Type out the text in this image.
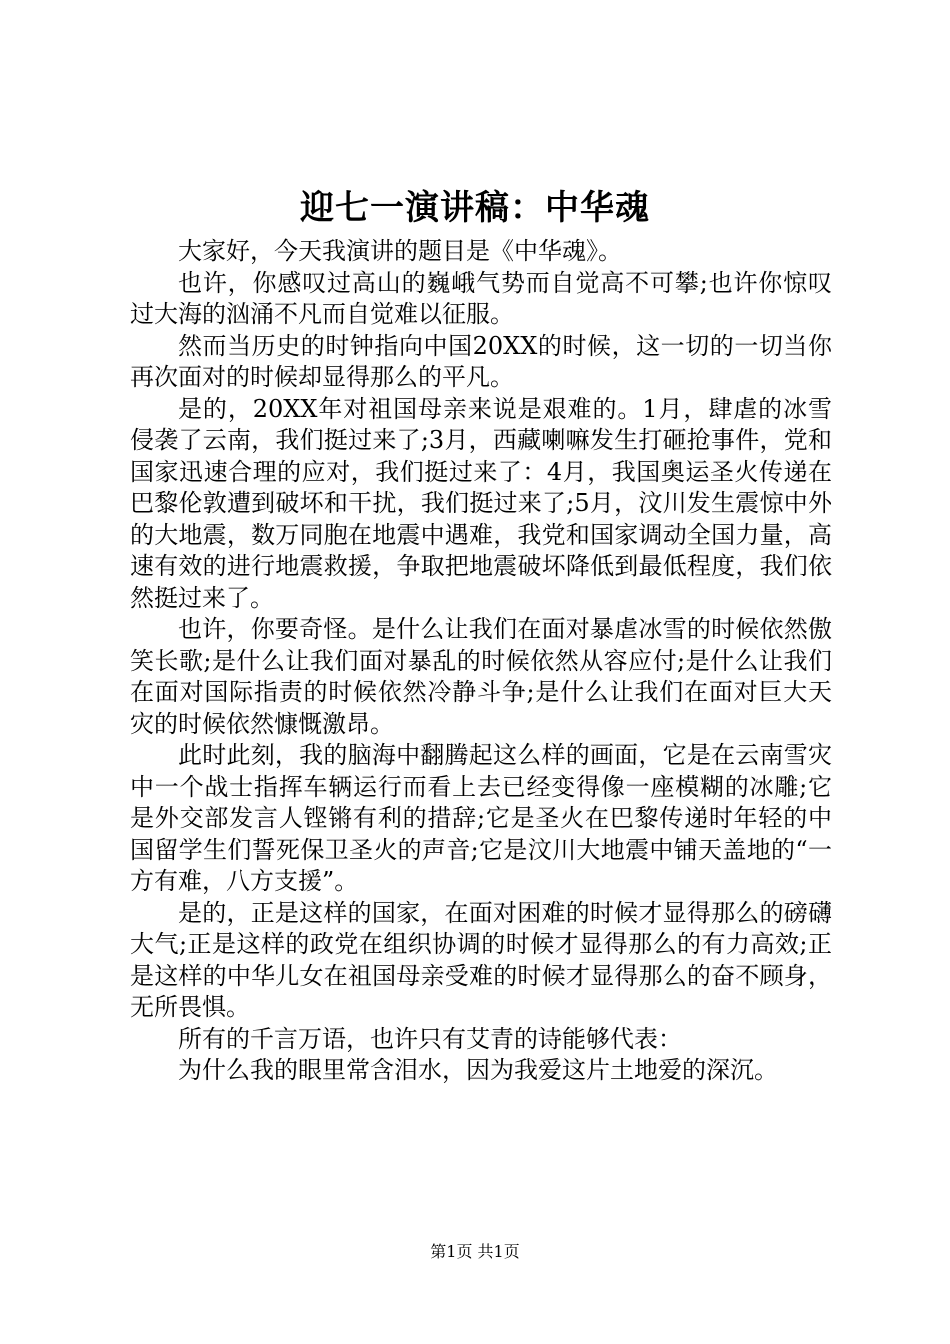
迎七一演讲稿：中华魂

大家好，今天我演讲的题目是《中华魂》。

也许，你感叹过高山的巍峨气势而自觉高不可攀;也许你惊叹过大海的汹涌不凡而自觉难以征服。

然而当历史的时钟指向中国20XX的时候，这一切的一切当你再次面对的时候却显得那么的平凡。

是的，20XX年对祖国母亲来说是艰难的。1月，肆虐的冰雪侵袭了云南，我们挺过来了;3月，西藏喇嘛发生打砸抢事件，党和国家迅速合理的应对，我们挺过来了：4月，我国奥运圣火传递在巴黎伦敦遭到破坏和干扰，我们挺过来了;5月，汶川发生震惊中外的大地震，数万同胞在地震中遇难，我党和国家调动全国力量，高速有效的进行地震救援，争取把地震破坏降低到最低程度，我们依然挺过来了。

也许，你要奇怪。是什么让我们在面对暴虐冰雪的时候依然傲笑长歌;是什么让我们面对暴乱的时候依然从容应付;是什么让我们在面对国际指责的时候依然冷静斗争;是什么让我们在面对巨大天灾的时候依然慷慨激昂。

此时此刻，我的脑海中翻腾起这么样的画面，它是在云南雪灾中一个战士指挥车辆运行而看上去已经变得像一座模糊的冰雕;它是外交部发言人铿锵有利的措辞;它是圣火在巴黎传递时年轻的中国留学生们誓死保卫圣火的声音;它是汶川大地震中铺天盖地的“一方有难，八方支援”。

是的，正是这样的国家，在面对困难的时候才显得那么的磅礴大气;正是这样的政党在组织协调的时候才显得那么的有力高效;正是这样的中华儿女在祖国母亲受难的时候才显得那么的奋不顾身，无所畏惧。

所有的千言万语，也许只有艾青的诗能够代表：

为什么我的眼里常含泪水，因为我爱这片土地爱的深沉。

第1页 共1页
